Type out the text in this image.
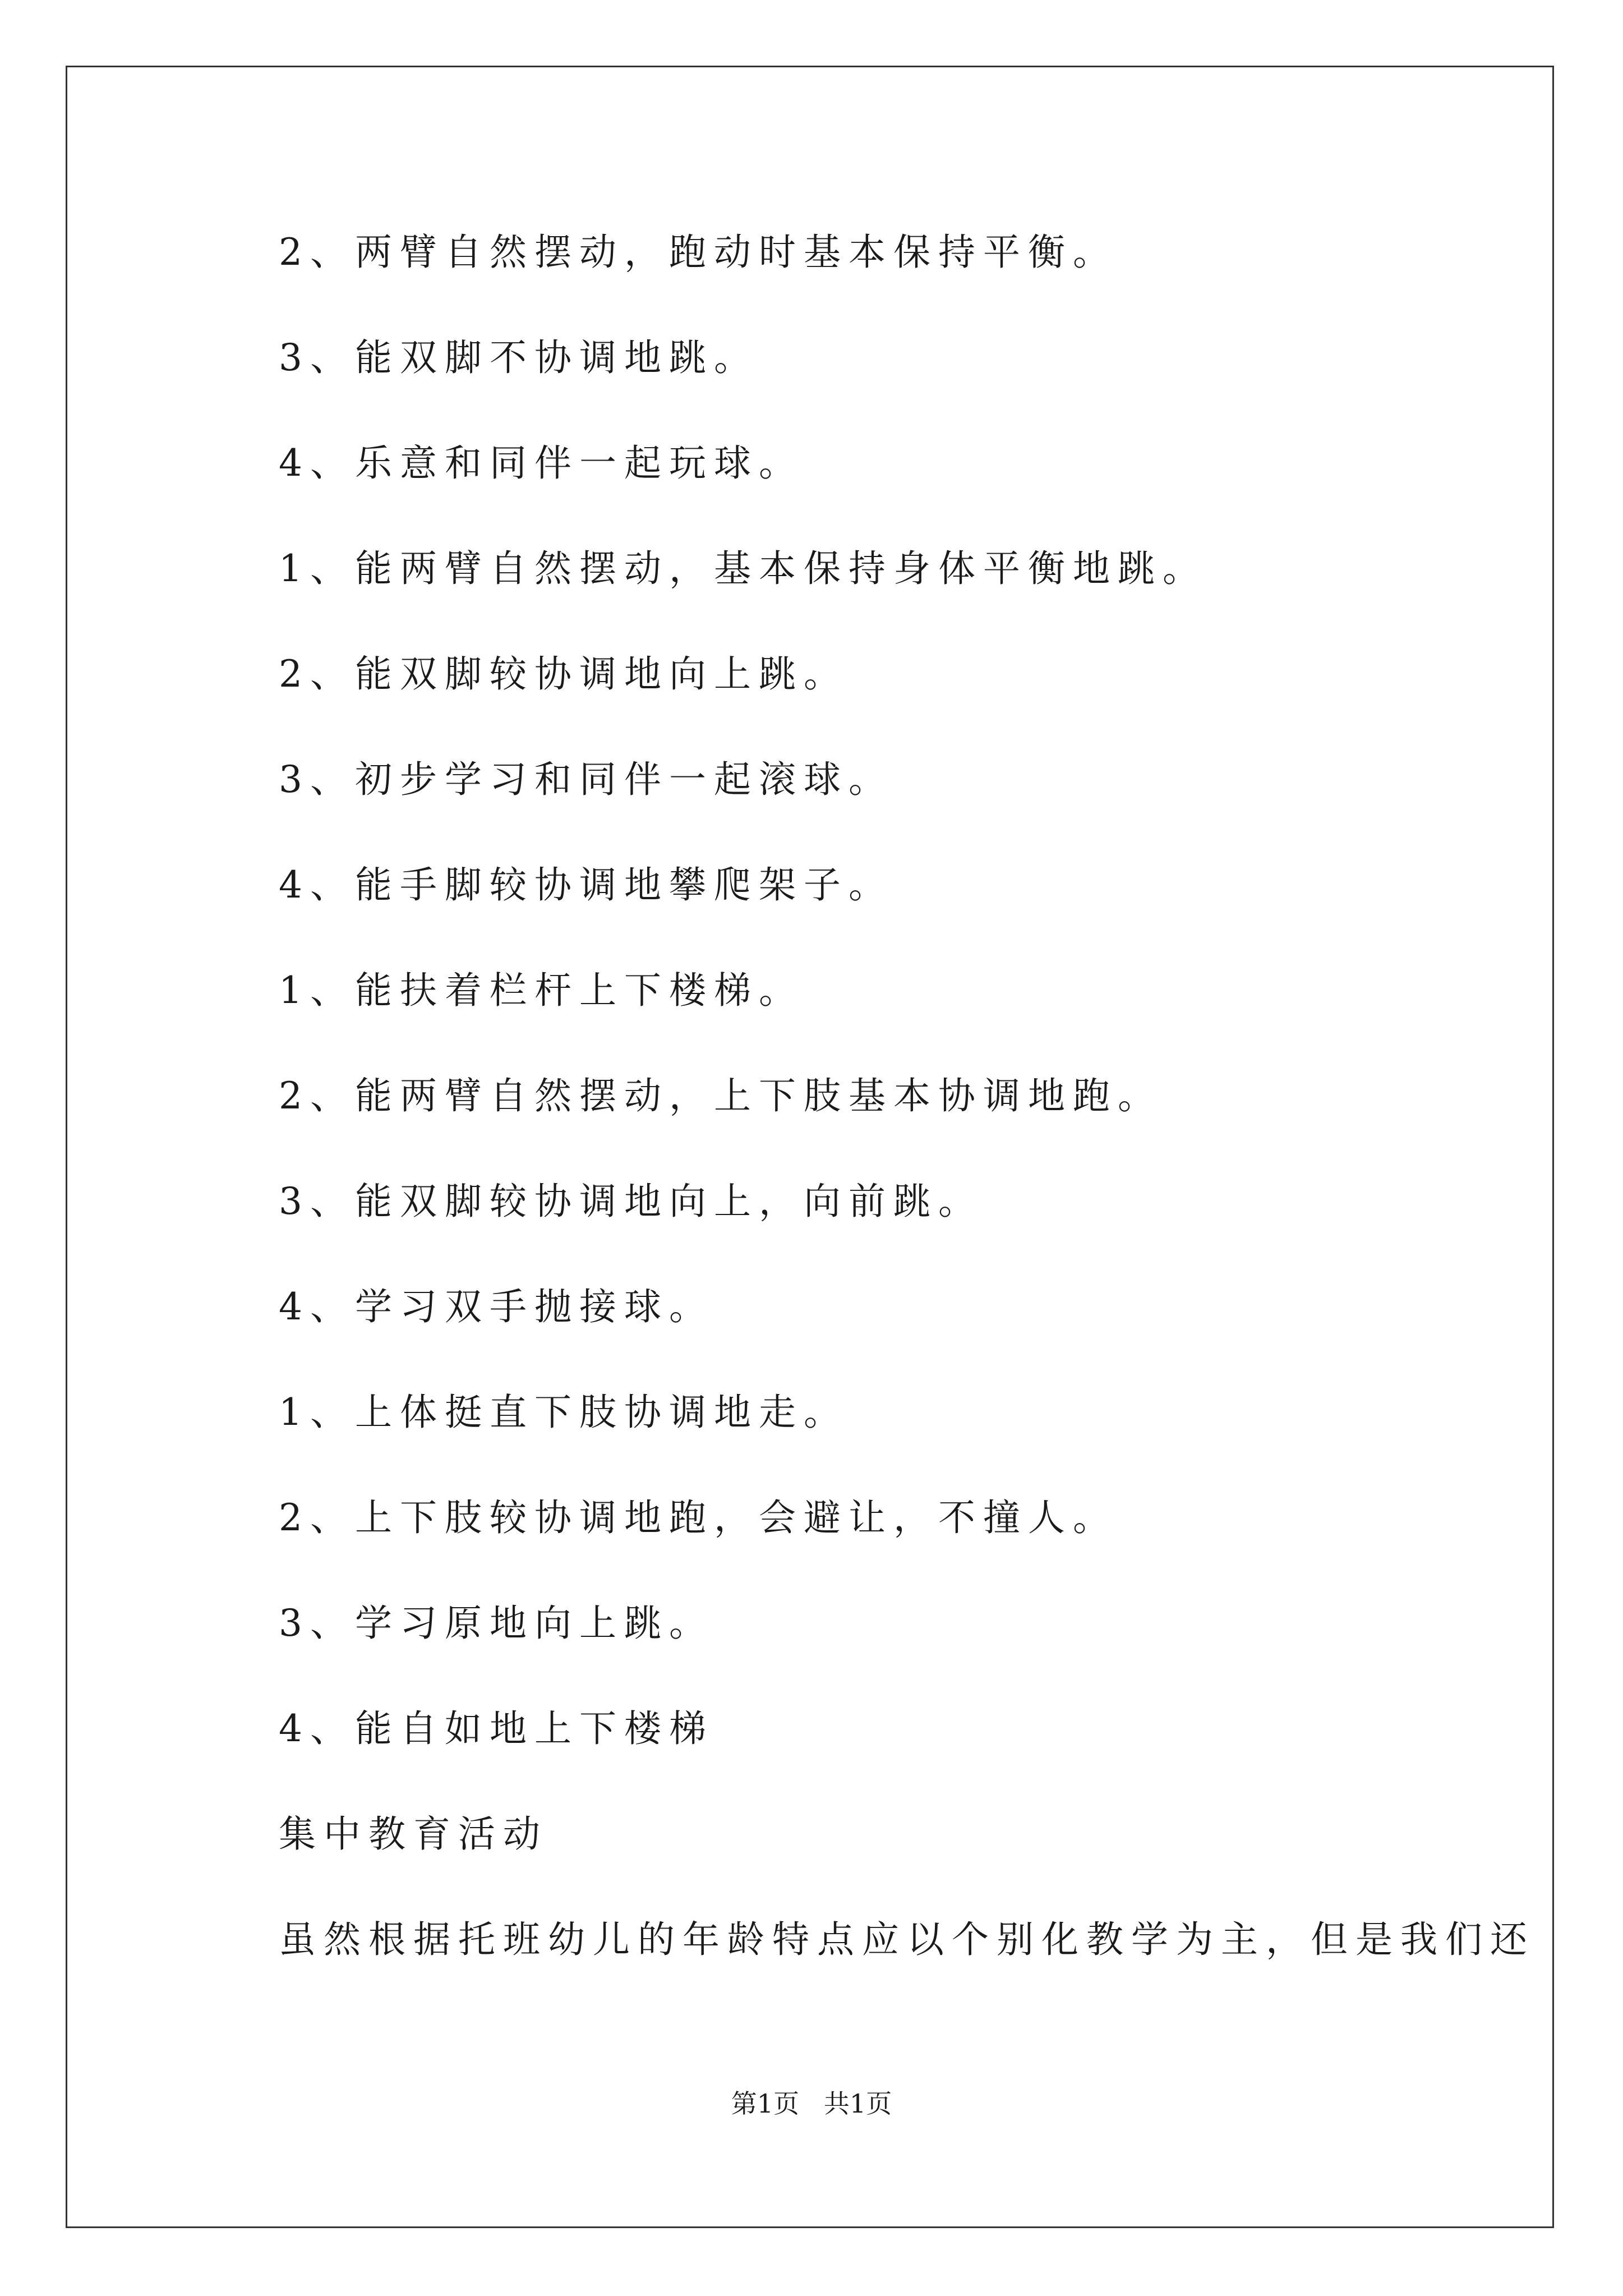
2、两臂自然摆动，跑动时基本保持平衡。
3、能双脚不协调地跳。
4、乐意和同伴一起玩球。
1、能两臂自然摆动，基本保持身体平衡地跳。
2、能双脚较协调地向上跳。
3、初步学习和同伴一起滚球。
4、能手脚较协调地攀爬架子。
1、能扶着栏杆上下楼梯。
2、能两臂自然摆动，上下肢基本协调地跑。
3、能双脚较协调地向上，向前跳。
4、学习双手抛接球。
1、上体挺直下肢协调地走。
2、上下肢较协调地跑，会避让，不撞人。
3、学习原地向上跳。
4、能自如地上下楼梯
集中教育活动
虽然根据托班幼儿的年龄特点应以个别化教学为主，但是我们还
第1页   共1页
